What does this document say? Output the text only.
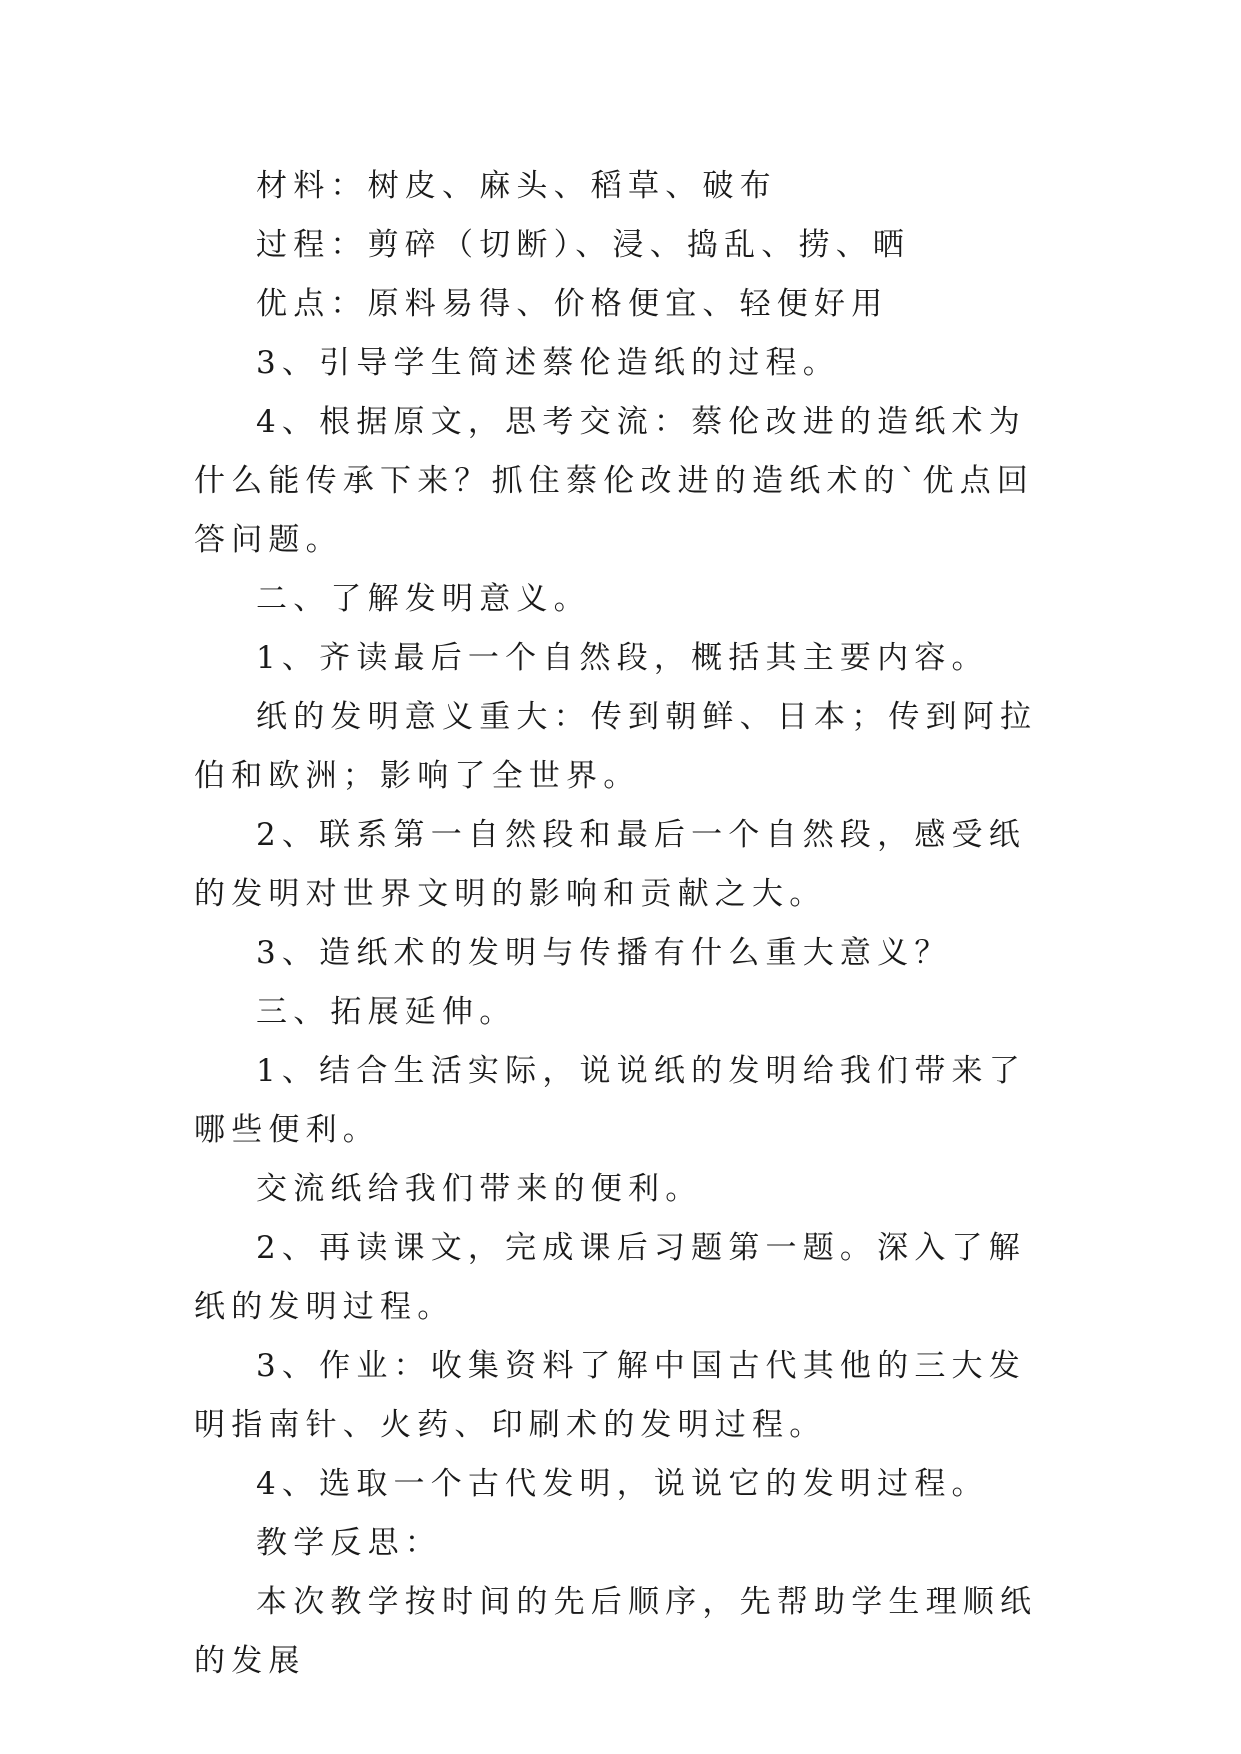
材料：树皮、麻头、稻草、破布

过程：剪碎（切断）、浸、捣乱、捞、晒

优点：原料易得、价格便宜、轻便好用

3、引导学生简述蔡伦造纸的过程。

4、根据原文，思考交流：蔡伦改进的造纸术为什么能传承下来？抓住蔡伦改进的造纸术的`优点回答问题。

二、了解发明意义。

1、齐读最后一个自然段，概括其主要内容。

纸的发明意义重大：传到朝鲜、日本；传到阿拉伯和欧洲；影响了全世界。

2、联系第一自然段和最后一个自然段，感受纸的发明对世界文明的影响和贡献之大。

3、造纸术的发明与传播有什么重大意义？

三、拓展延伸。

1、结合生活实际，说说纸的发明给我们带来了哪些便利。

交流纸给我们带来的便利。

2、再读课文，完成课后习题第一题。深入了解纸的发明过程。

3、作业：收集资料了解中国古代其他的三大发明指南针、火药、印刷术的发明过程。

4、选取一个古代发明，说说它的发明过程。

教学反思：

本次教学按时间的先后顺序，先帮助学生理顺纸的发展
